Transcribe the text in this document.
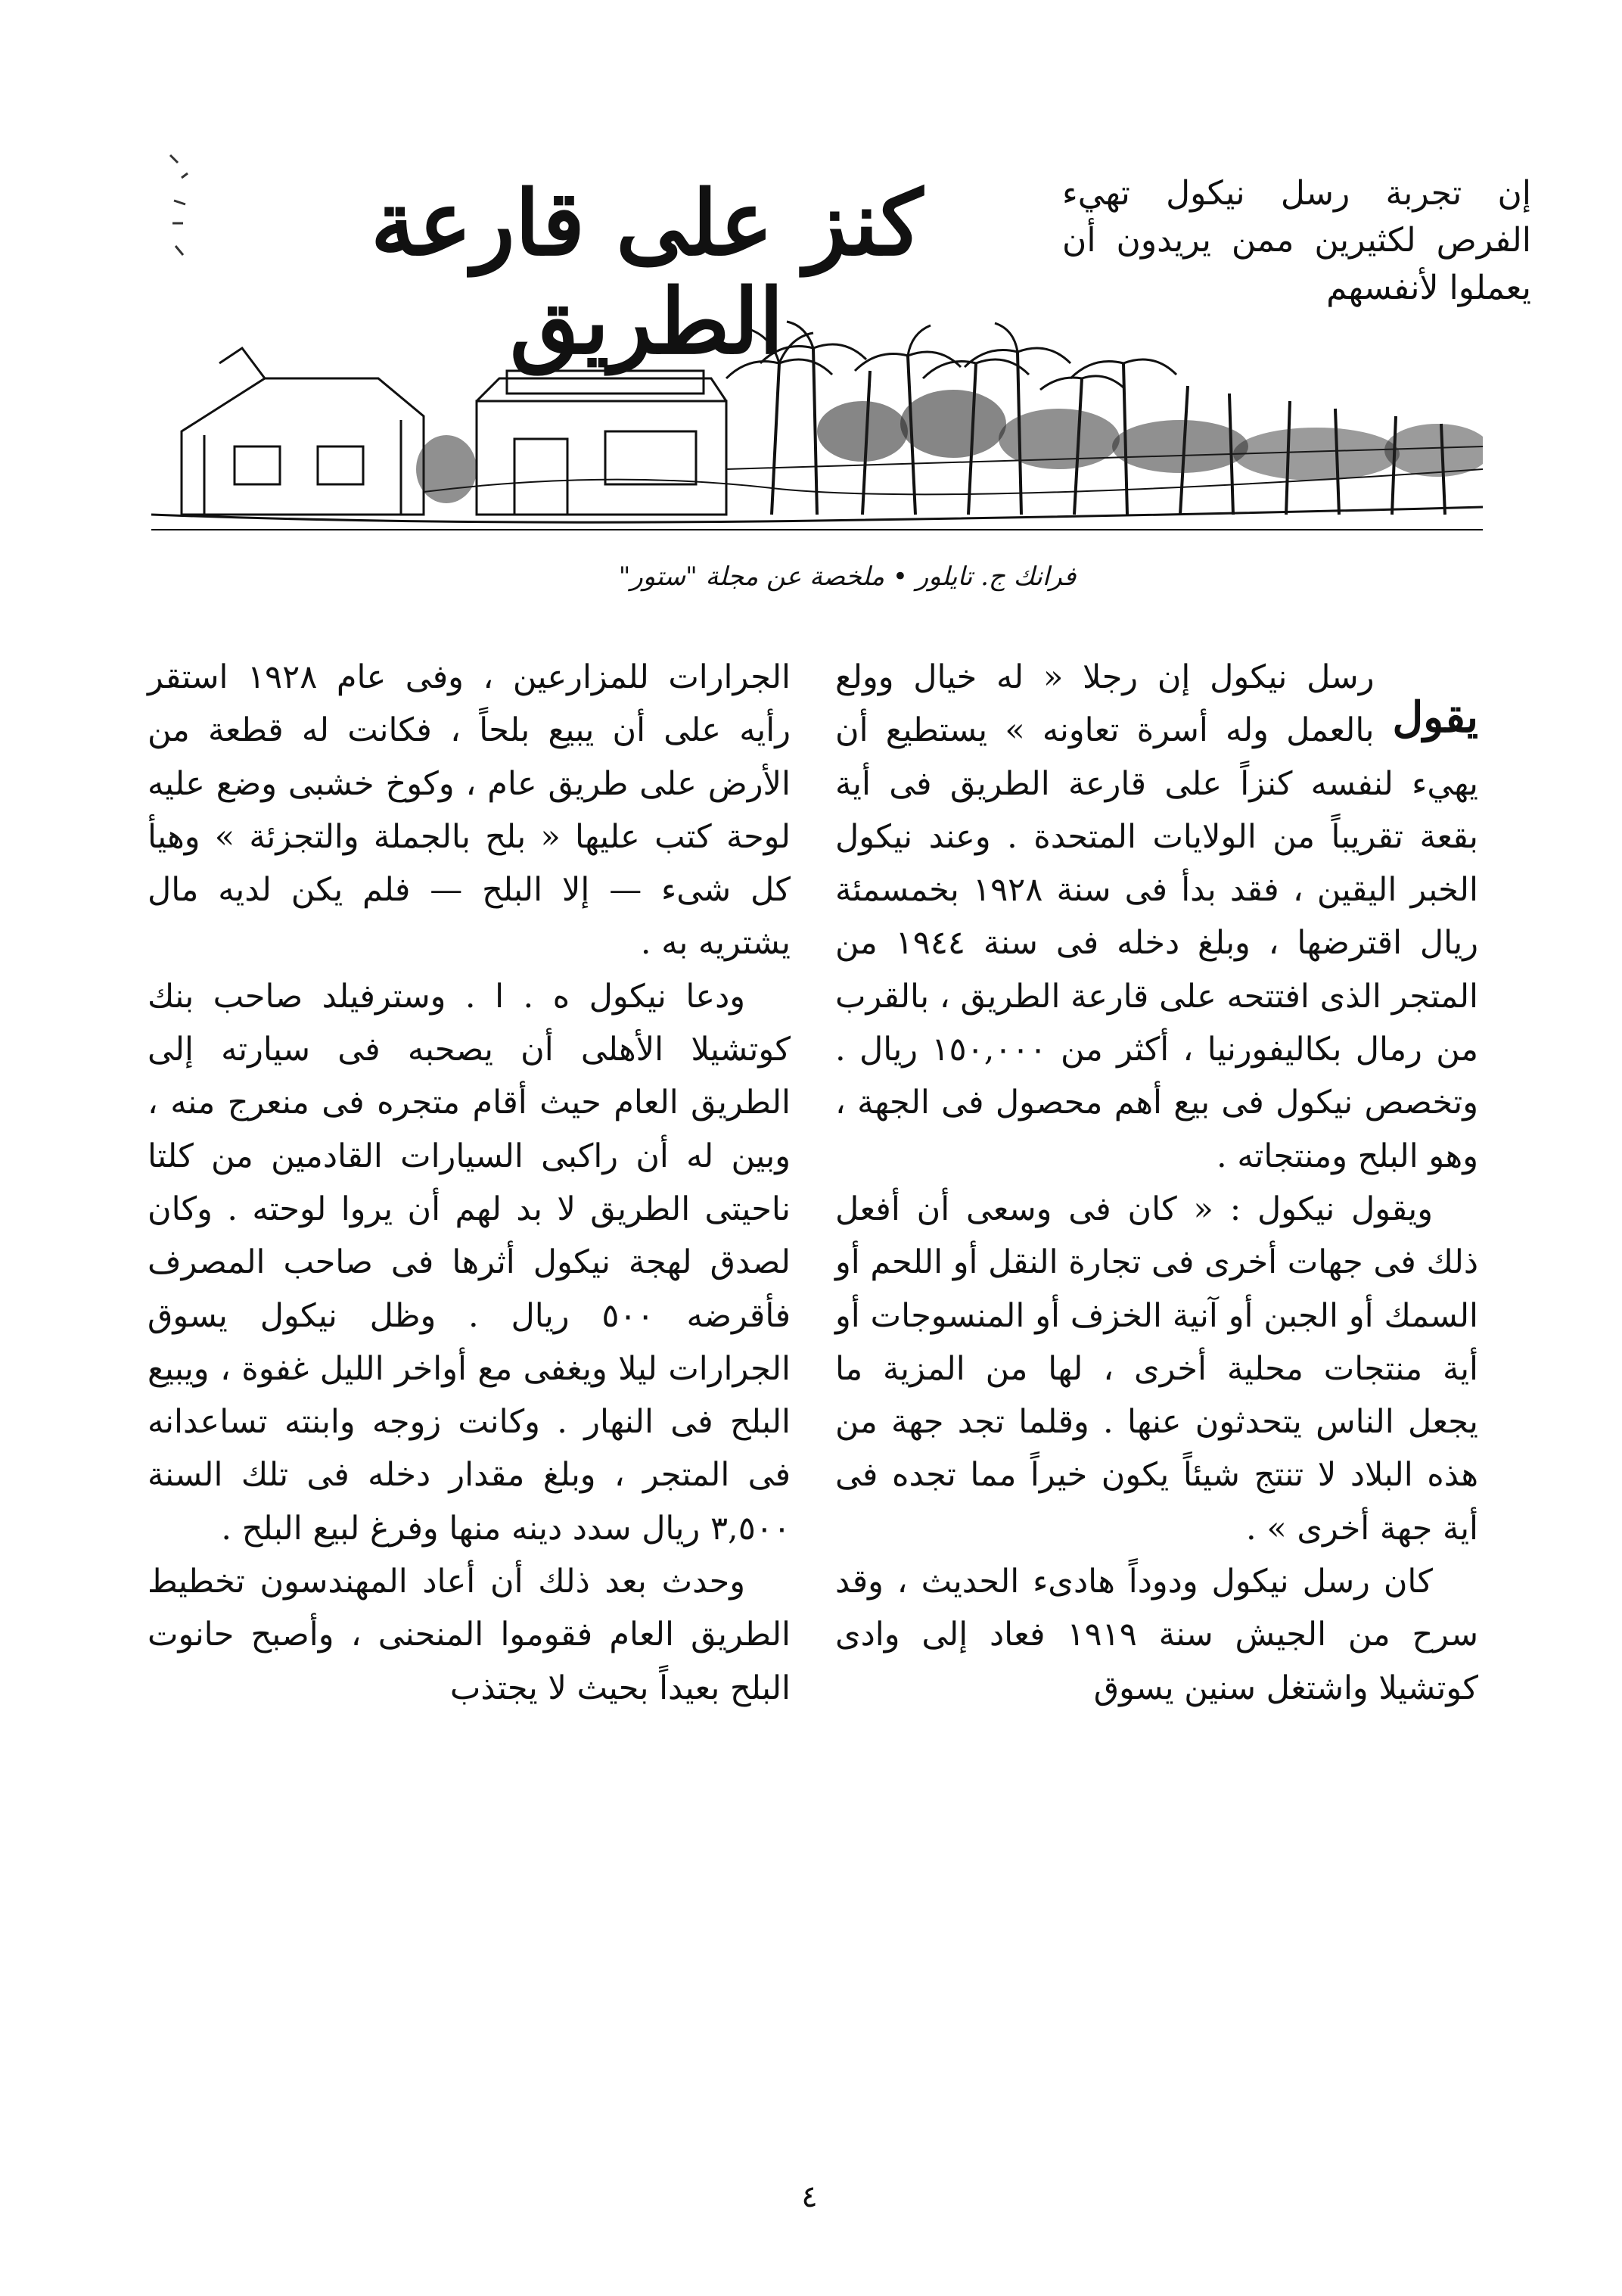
كنز على قارعة الطريق
إن تجربة رسل نيكول تهيء الفرص لكثيرين ممن يريدون أن يعملوا لأنفسهم
فرانك ج. تايلور • ملخصة عن مجلة "ستور"
يقول

رسل نيكول إن رجلا « له خيال وولع بالعمل وله أسرة تعاونه » يستطيع أن يهيء لنفسه كنزاً على قارعة الطريق فى أية بقعة تقريباً من الولايات المتحدة . وعند نيكول الخبر اليقين ، فقد بدأ فى سنة ١٩٢٨ بخمسمئة ريال اقترضها ، وبلغ دخله فى سنة ١٩٤٤ من المتجر الذى افتتحه على قارعة الطريق ، بالقرب من رمال بكاليفورنيا ، أكثر من ١٥٠,٠٠٠ ريال . وتخصص نيكول فى بيع أهم محصول فى الجهة ، وهو البلح ومنتجاته .

ويقول نيكول : « كان فى وسعى أن أفعل ذلك فى جهات أخرى فى تجارة النقل أو اللحم أو السمك أو الجبن أو آنية الخزف أو المنسوجات أو أية منتجات محلية أخرى ، لها من المزية ما يجعل الناس يتحدثون عنها . وقلما تجد جهة من هذه البلاد لا تنتج شيئاً يكون خيراً مما تجده فى أية جهة أخرى » .

كان رسل نيكول ودوداً هادىء الحديث ، وقد سرح من الجيش سنة ١٩١٩ فعاد إلى وادى كوتشيلا واشتغل سنين يسوق

الجرارات للمزارعين ، وفى عام ١٩٢٨ استقر رأيه على أن يبيع بلحاً ، فكانت له قطعة من الأرض على طريق عام ، وكوخ خشبى وضع عليه لوحة كتب عليها « بلح بالجملة والتجزئة » وهيأ كل شىء — إلا البلح — فلم يكن لديه مال يشتريه به .

ودعا نيكول ه . ا . وسترفيلد صاحب بنك كوتشيلا الأهلى أن يصحبه فى سيارته إلى الطريق العام حيث أقام متجره فى منعرج منه ، وبين له أن راكبى السيارات القادمين من كلتا ناحيتى الطريق لا بد لهم أن يروا لوحته . وكان لصدق لهجة نيكول أثرها فى صاحب المصرف فأقرضه ٥٠٠ ريال . وظل نيكول يسوق الجرارات ليلا ويغفى مع أواخر الليل غفوة ، ويبيع البلح فى النهار . وكانت زوجه وابنته تساعدانه فى المتجر ، وبلغ مقدار دخله فى تلك السنة ٣,٥٠٠ ريال سدد دينه منها وفرغ لبيع البلح .

وحدث بعد ذلك أن أعاد المهندسون تخطيط الطريق العام فقوموا المنحنى ، وأصبح حانوت البلح بعيداً بحيث لا يجتذب

٤
